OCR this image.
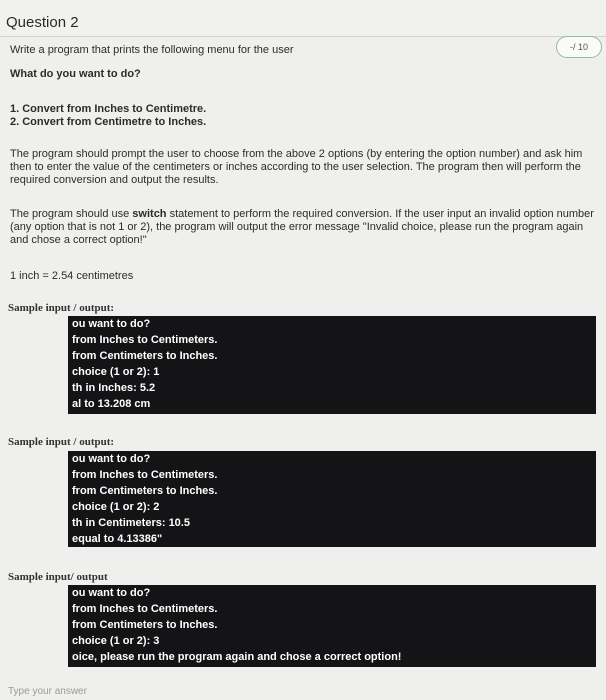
Question 2
-/ 10
Write a program that prints the following menu for the user
What do you want to do?
1. Convert from Inches to Centimetre.
2. Convert from Centimetre to Inches.
The program should prompt the user to choose from the above 2 options (by entering the option number) and ask him then to enter the value of the centimeters or inches according to the user selection. The program then will perform the required conversion and output the results.
The program should use switch statement to perform the required conversion. If the user input an invalid option number (any option that is not 1 or 2), the program will output the error message "Invalid choice, please run the program again and chose a correct option!"
1 inch = 2.54 centimetres
Sample input / output:
ou want to do?
from Inches to Centimeters.
from Centimeters to Inches.
choice (1 or 2): 1
th in Inches: 5.2
al to 13.208 cm
Sample input / output:
ou want to do?
from Inches to Centimeters.
from Centimeters to Inches.
choice (1 or 2): 2
th in Centimeters: 10.5
equal to 4.13386"
Sample input/ output
ou want to do?
from Inches to Centimeters.
from Centimeters to Inches.
choice (1 or 2): 3
oice, please run the program again and chose a correct option!
Type your answer
